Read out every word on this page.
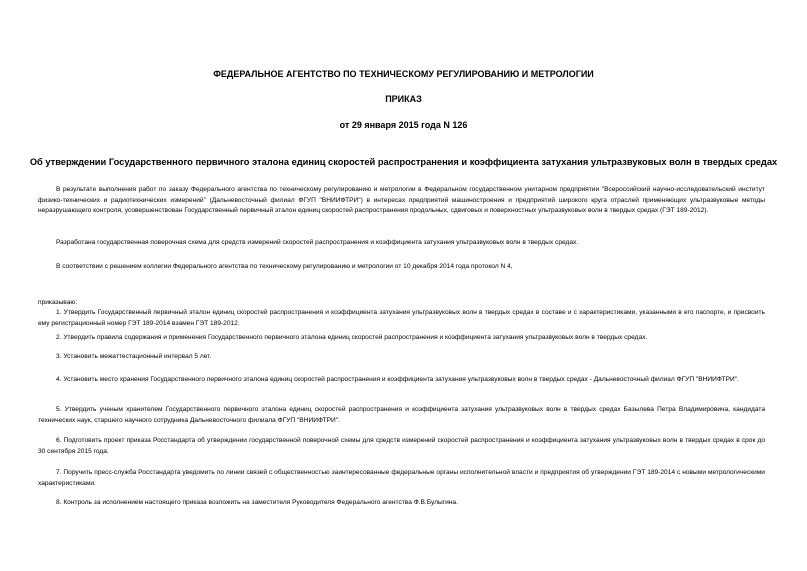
ФЕДЕРАЛЬНОЕ АГЕНТСТВО ПО ТЕХНИЧЕСКОМУ РЕГУЛИРОВАНИЮ И МЕТРОЛОГИИ
ПРИКАЗ
от 29 января 2015 года N 126
Об утверждении Государственного первичного эталона единиц скоростей распространения и коэффициента затухания ультразвуковых волн в твердых средах
В результате выполнения работ по заказу Федерального агентства по техническому регулированию и метрологии в Федеральном государственном унитарном предприятии "Всероссийский научно-исследовательский институт физико-технических и радиотехнических измерений" (Дальневосточный филиал ФГУП "ВНИИФТРИ") в интересах предприятий машиностроения и предприятий широкого круга отраслей применяющих ультразвуковые методы неразрушающего контроля, усовершенствован Государственный первичный эталон единиц скоростей распространения продольных, сдвиговых и поверхностных ультразвуковых волн в твердых средах (ГЭТ 189-2012).
Разработана государственная поверочная схема для средств измерений скоростей распространения и коэффициента затухания ультразвуковых волн в твердых средах.
В соответствии с решением коллегии Федерального агентства по техническому регулированию и метрологии от 10 декабря 2014 года протокол N 4,
приказываю:
1. Утвердить Государственный первичный эталон единиц скоростей распространения и коэффициента затухания ультразвуковых волн в твердых средах в составе и с характеристиками, указанными в его паспорте, и присвоить ему регистрационный номер ГЭТ 189-2014 взамен ГЭТ 189-2012.
2. Утвердить правила содержания и применения Государственного первичного эталона единиц скоростей распространения и коэффициента затухания ультразвуковых волн в твердых средах.
3. Установить межаттестационный интервал 5 лет.
4. Установить место хранения Государственного первичного эталона единиц скоростей распространения и коэффициента затухания ультразвуковых волн в твердых средах - Дальневосточный филиал ФГУП "ВНИИФТРИ".
5. Утвердить ученым хранителем Государственного первичного эталона единиц скоростей распространения и коэффициента затухания ультразвуковых волн в твердых средах Базылева Петра Владимировича, кандидата технических наук, старшего научного сотрудника Дальневосточного филиала ФГУП "ВНИИФТРИ".
6. Подготовить проект приказа Росстандарта об утверждении государственной поверочной схемы для средств измерений скоростей распространения и коэффициента затухания ультразвуковых волн в твердых средах в срок до 30 сентября 2015 года.
7. Поручить пресс-служба Росстандарта уведомить по линии связей с общественностью заинтересованные федеральные органы исполнительной власти и предприятия об утверждении ГЭТ 189-2014 с новыми метрологическими характеристиками.
8. Контроль за исполнением настоящего приказа возложить на заместителя Руководителя Федерального агентства Ф.В.Булыгина.
